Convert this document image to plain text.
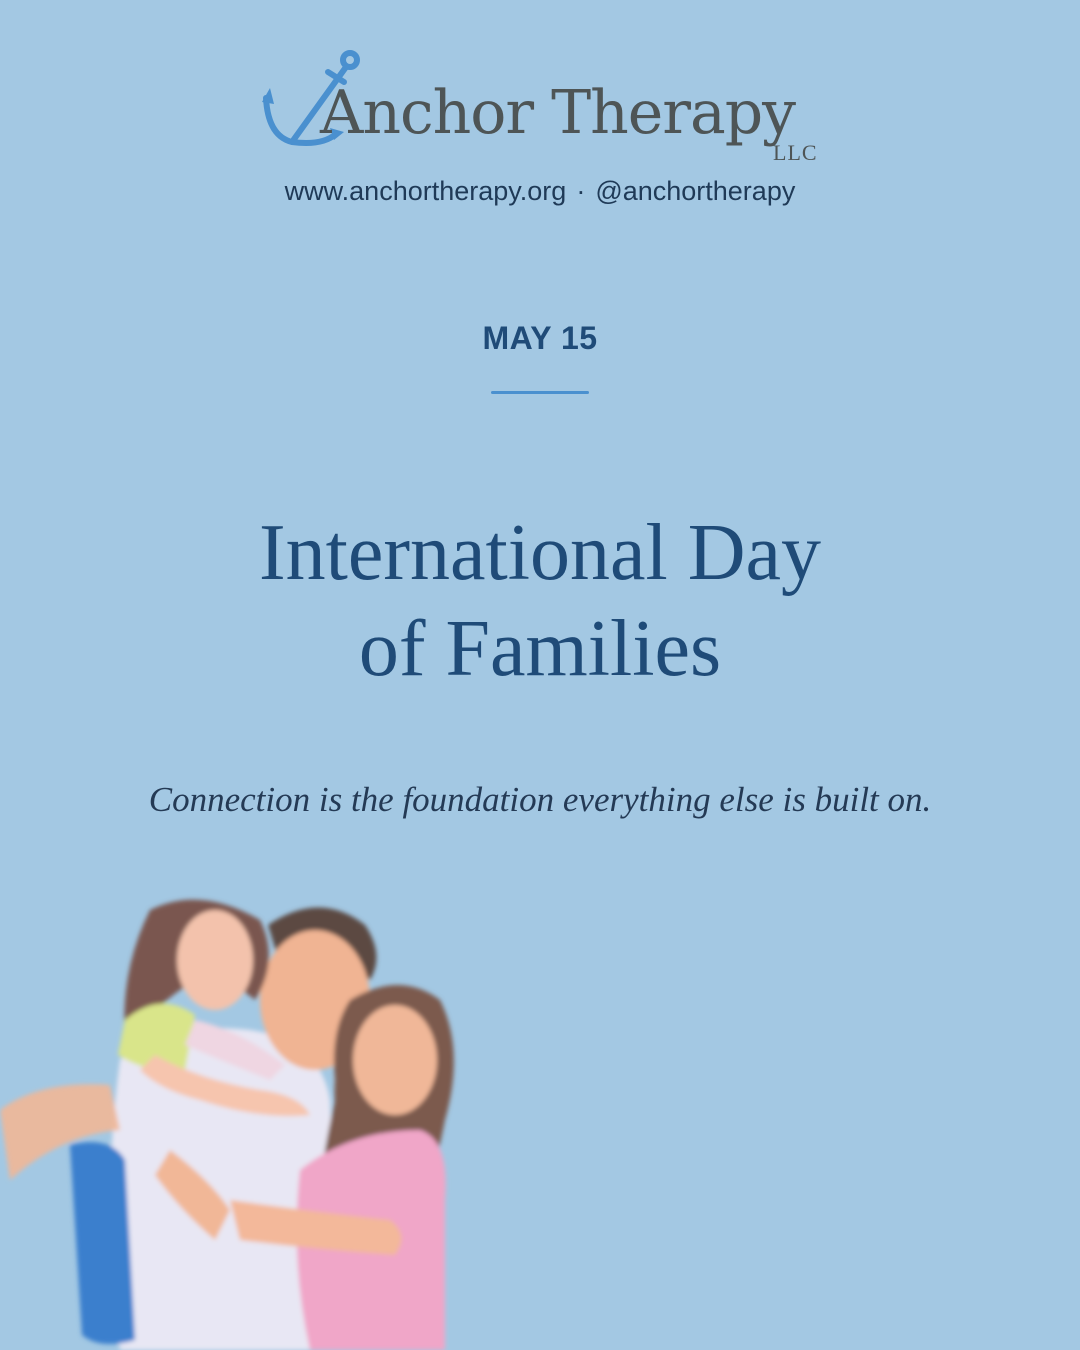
Anchor Therapy
LLC
www.anchortherapy.org · @anchortherapy
MAY 15
International Day
of Families
Connection is the foundation everything else is built on.
